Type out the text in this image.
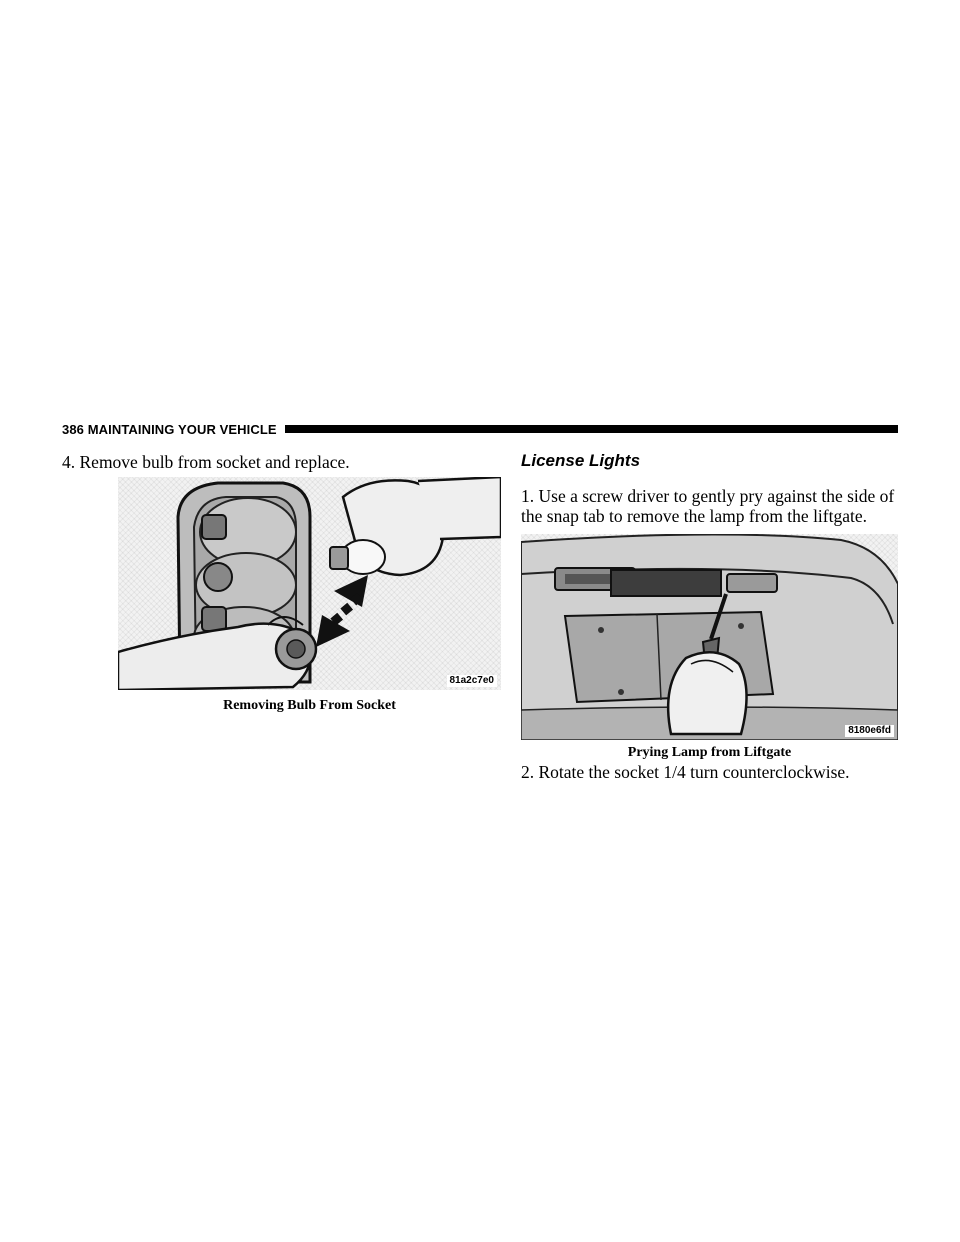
386 MAINTAINING YOUR VEHICLE
4. Remove bulb from socket and replace.
81a2c7e0
Removing Bulb From Socket
License Lights
1. Use a screw driver to gently pry against the side of the snap tab to remove the lamp from the liftgate.
8180e6fd
Prying Lamp from Liftgate
2. Rotate the socket 1/4 turn counterclockwise.
